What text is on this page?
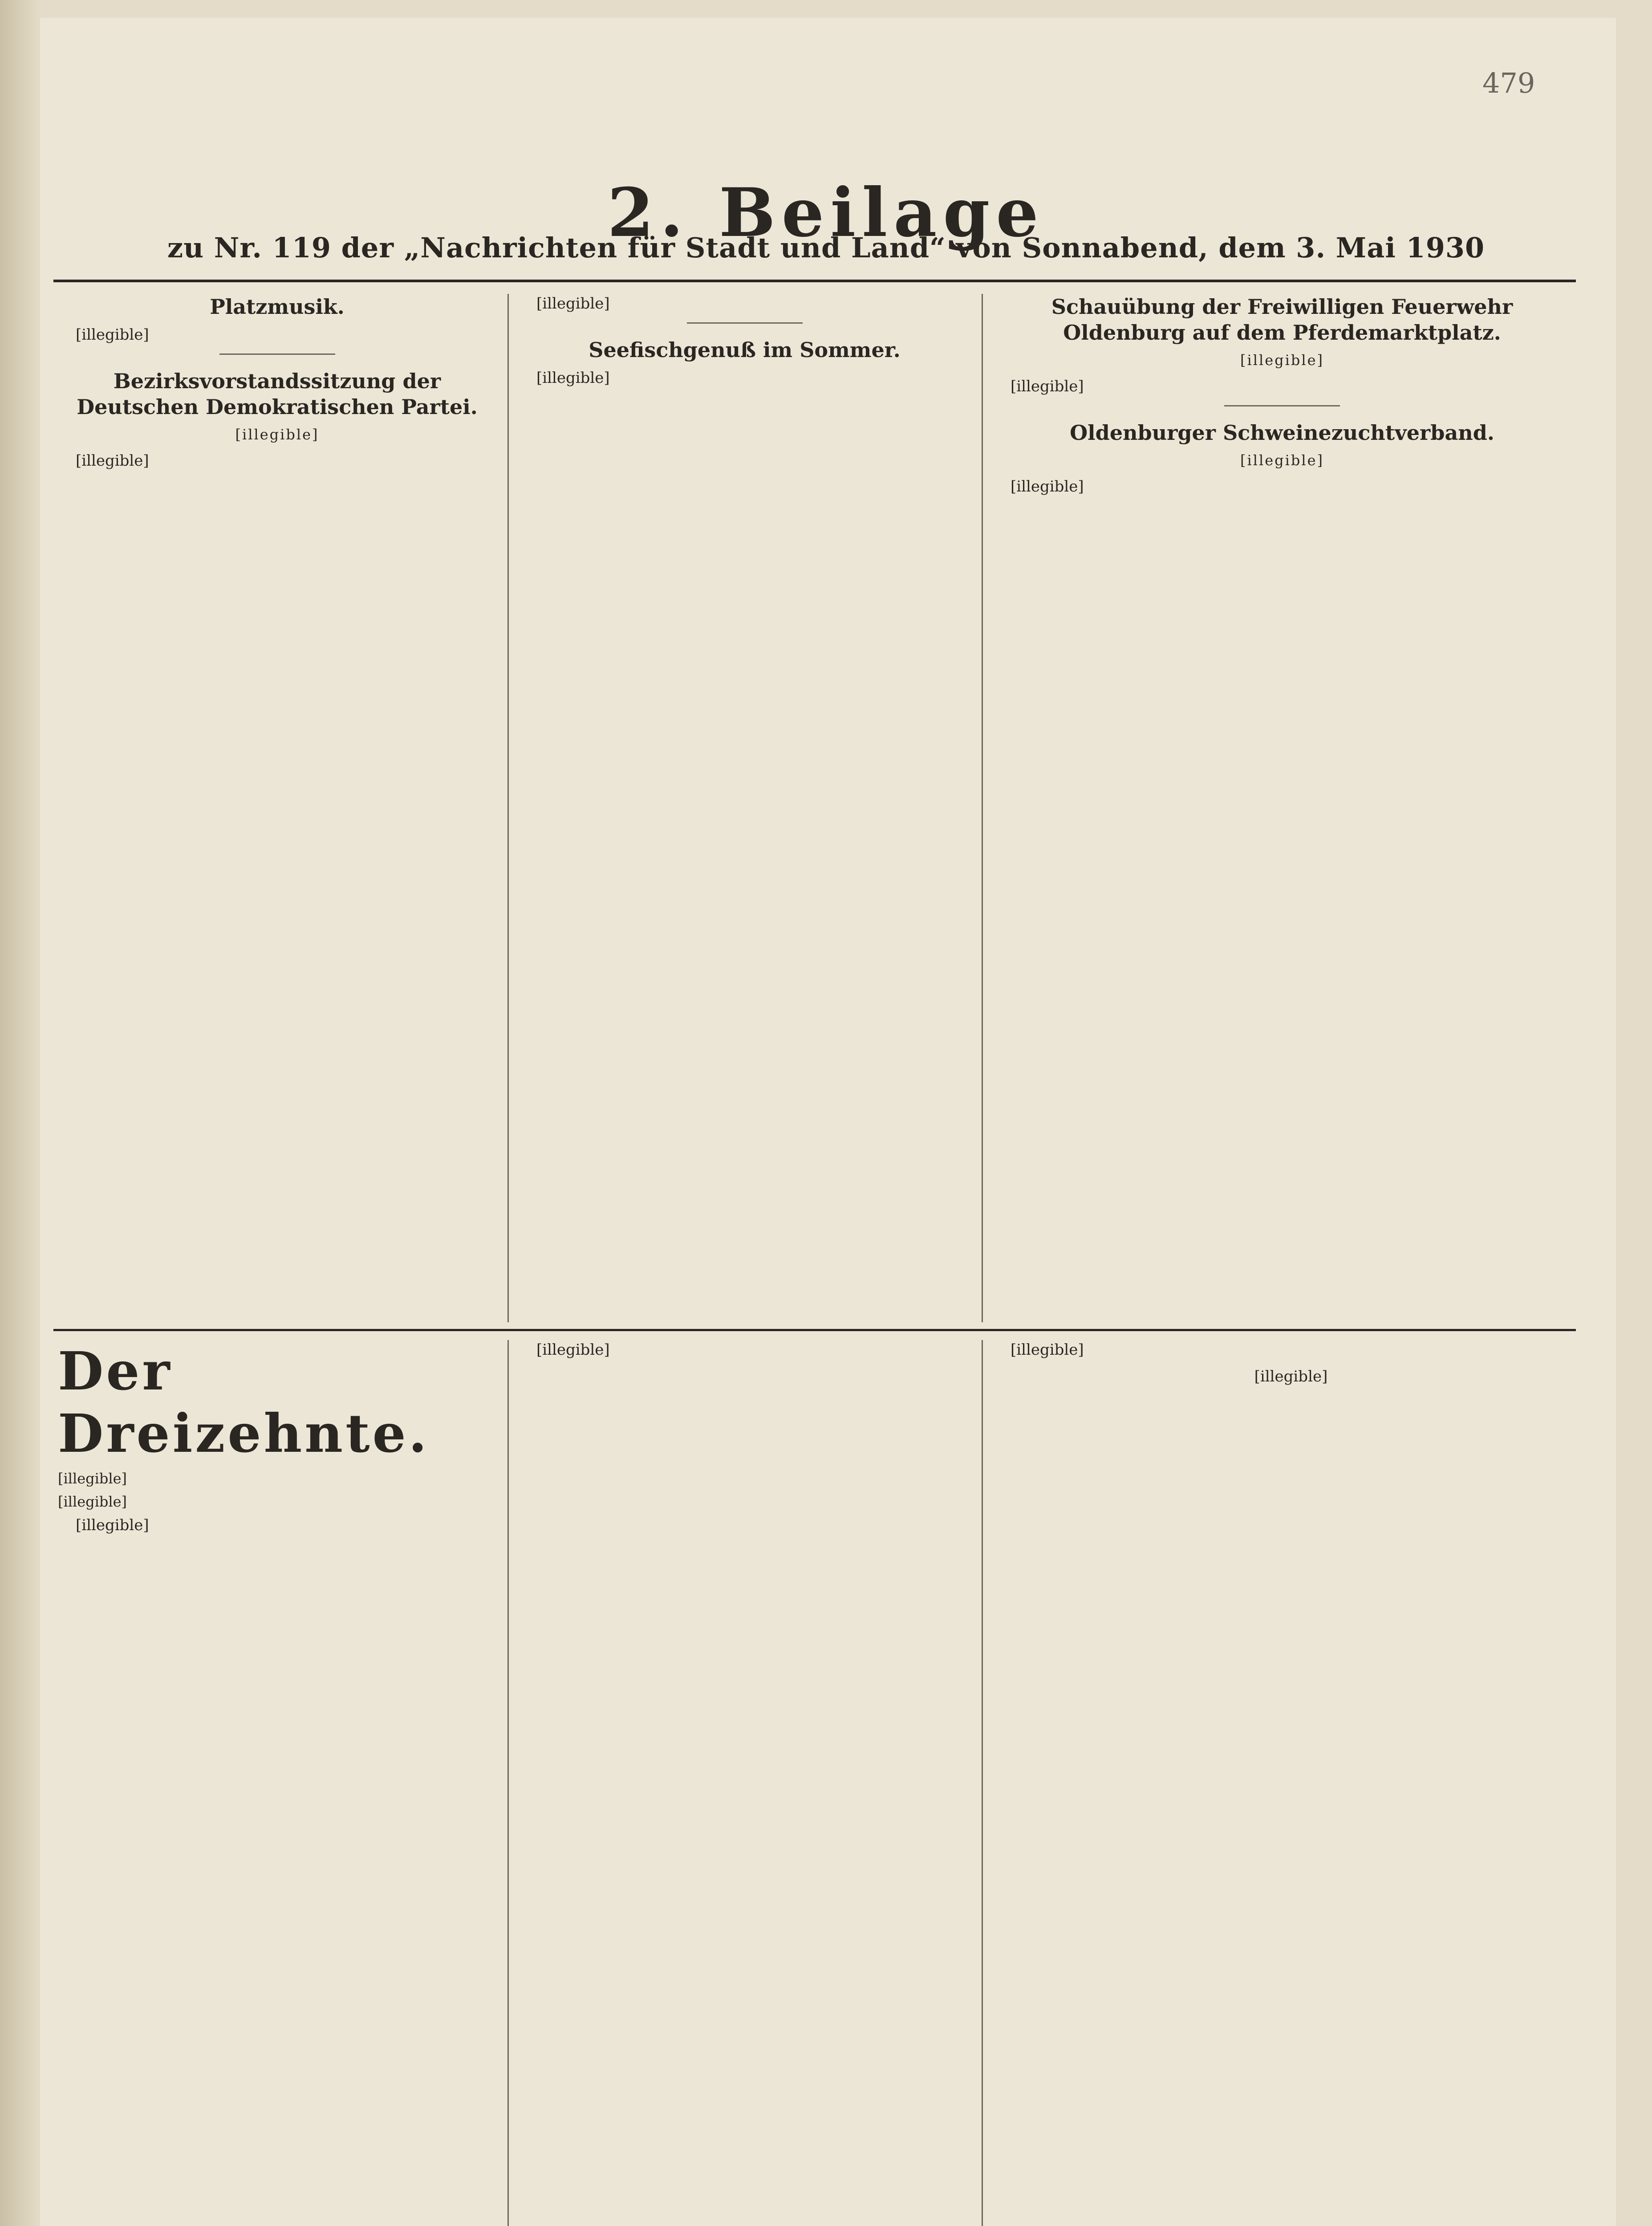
479
2. Beilage
zu Nr. 119 der „Nachrichten für Stadt und Land“ von Sonnabend, dem 3. Mai 1930
Platzmusik.

[illegible]

Bezirksvorstandssitzung der Deutschen Demokratischen Partei.
[illegible]

[illegible]

[illegible]

Seefischgenuß im Sommer.

[illegible]

Schauübung der Freiwilligen Feuerwehr Oldenburg auf dem Pferdemarktplatz.
[illegible]

[illegible]

Oldenburger Schweinezuchtverband.
[illegible]

[illegible]

Der Dreizehnte.
[illegible]
[illegible]

[illegible]

[illegible]	[illegible]

[illegible]
